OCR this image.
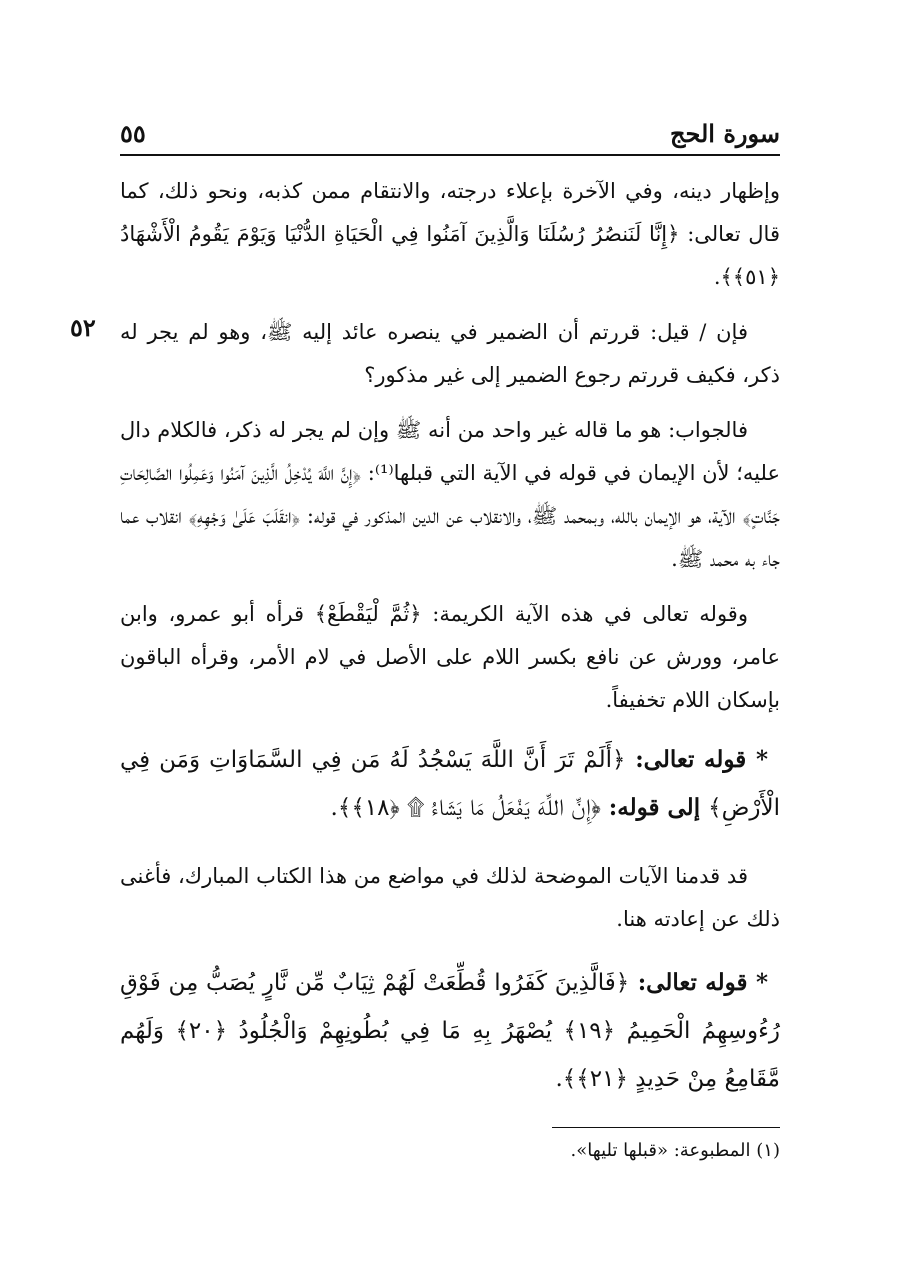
٥٢
سورة الحج
٥٥

وإظهار دينه، وفي الآخرة بإعلاء درجته، والانتقام ممن كذبه، ونحو ذلك، كما قال تعالى: ﴿إِنَّا لَنَنصُرُ رُسُلَنَا وَالَّذِينَ آمَنُوا فِي الْحَيَاةِ الدُّنْيَا وَيَوْمَ يَقُومُ الْأَشْهَادُ ﴿٥١﴾﴾.

فإن / قيل: قررتم أن الضمير في ينصره عائد إليه ﷺ، وهو لم يجر له ذكر، فكيف قررتم رجوع الضمير إلى غير مذكور؟

فالجواب: هو ما قاله غير واحد من أنه ﷺ وإن لم يجر له ذكر، فالكلام دال عليه؛ لأن الإيمان في قوله في الآية التي قبلها⁽¹⁾: ﴿إِنَّ اللَّهَ يُدْخِلُ الَّذِينَ آمَنُوا وَعَمِلُوا الصَّالِحَاتِ جَنَّاتٍ﴾ الآية، هو الإيمان بالله، وبمحمد ﷺ، والانقلاب عن الدين المذكور في قوله: ﴿انقَلَبَ عَلَىٰ وَجْهِهِ﴾ انقلاب عما جاء به محمد ﷺ.

وقوله تعالى في هذه الآية الكريمة: ﴿ثُمَّ لْيَقْطَعْ﴾ قرأه أبو عمرو، وابن عامر، وورش عن نافع بكسر اللام على الأصل في لام الأمر، وقرأه الباقون بإسكان اللام تخفيفاً.

* قوله تعالى: ﴿أَلَمْ تَرَ أَنَّ اللَّهَ يَسْجُدُ لَهُ مَن فِي السَّمَاوَاتِ وَمَن فِي الْأَرْضِ﴾ إلى قوله: ﴿إِنَّ اللَّهَ يَفْعَلُ مَا يَشَاءُ ۩ ﴿١٨﴾﴾.

قد قدمنا الآيات الموضحة لذلك في مواضع من هذا الكتاب المبارك، فأغنى ذلك عن إعادته هنا.

* قوله تعالى: ﴿فَالَّذِينَ كَفَرُوا قُطِّعَتْ لَهُمْ ثِيَابٌ مِّن نَّارٍ يُصَبُّ مِن فَوْقِ رُءُوسِهِمُ الْحَمِيمُ ﴿١٩﴾ يُصْهَرُ بِهِ مَا فِي بُطُونِهِمْ وَالْجُلُودُ ﴿٢٠﴾ وَلَهُم مَّقَامِعُ مِنْ حَدِيدٍ ﴿٢١﴾﴾.

(١) المطبوعة: «قبلها تليها».
